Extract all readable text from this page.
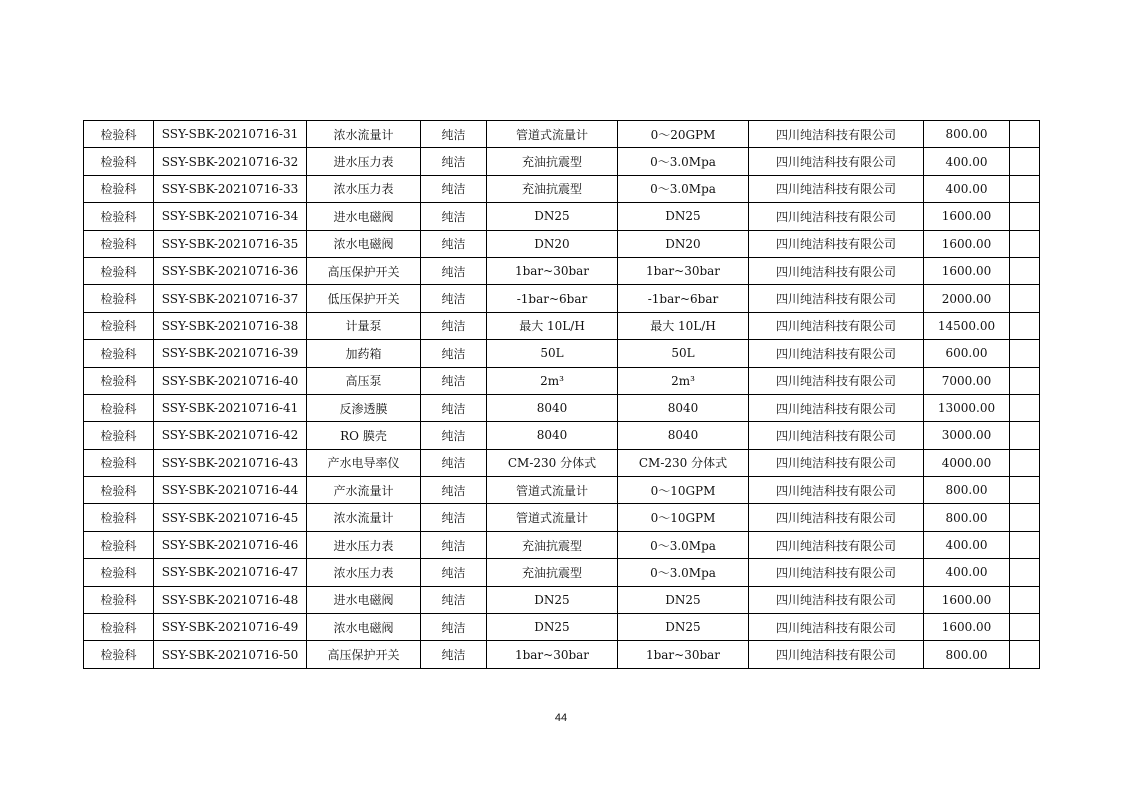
检验科	SSY-SBK-20210716-31	浓水流量计	纯洁	管道式流量计	0～20GPM	四川纯洁科技有限公司	800.00	
检验科	SSY-SBK-20210716-32	进水压力表	纯洁	充油抗震型	0～3.0Mpa	四川纯洁科技有限公司	400.00	
检验科	SSY-SBK-20210716-33	浓水压力表	纯洁	充油抗震型	0～3.0Mpa	四川纯洁科技有限公司	400.00	
检验科	SSY-SBK-20210716-34	进水电磁阀	纯洁	DN25	DN25	四川纯洁科技有限公司	1600.00	
检验科	SSY-SBK-20210716-35	浓水电磁阀	纯洁	DN20	DN20	四川纯洁科技有限公司	1600.00	
检验科	SSY-SBK-20210716-36	高压保护开关	纯洁	1bar~30bar	1bar~30bar	四川纯洁科技有限公司	1600.00	
检验科	SSY-SBK-20210716-37	低压保护开关	纯洁	-1bar~6bar	-1bar~6bar	四川纯洁科技有限公司	2000.00	
检验科	SSY-SBK-20210716-38	计量泵	纯洁	最大 10L/H	最大 10L/H	四川纯洁科技有限公司	14500.00	
检验科	SSY-SBK-20210716-39	加药箱	纯洁	50L	50L	四川纯洁科技有限公司	600.00	
检验科	SSY-SBK-20210716-40	高压泵	纯洁	2m³	2m³	四川纯洁科技有限公司	7000.00	
检验科	SSY-SBK-20210716-41	反渗透膜	纯洁	8040	8040	四川纯洁科技有限公司	13000.00	
检验科	SSY-SBK-20210716-42	RO 膜壳	纯洁	8040	8040	四川纯洁科技有限公司	3000.00	
检验科	SSY-SBK-20210716-43	产水电导率仪	纯洁	CM-230 分体式	CM-230 分体式	四川纯洁科技有限公司	4000.00	
检验科	SSY-SBK-20210716-44	产水流量计	纯洁	管道式流量计	0～10GPM	四川纯洁科技有限公司	800.00	
检验科	SSY-SBK-20210716-45	浓水流量计	纯洁	管道式流量计	0～10GPM	四川纯洁科技有限公司	800.00	
检验科	SSY-SBK-20210716-46	进水压力表	纯洁	充油抗震型	0～3.0Mpa	四川纯洁科技有限公司	400.00	
检验科	SSY-SBK-20210716-47	浓水压力表	纯洁	充油抗震型	0～3.0Mpa	四川纯洁科技有限公司	400.00	
检验科	SSY-SBK-20210716-48	进水电磁阀	纯洁	DN25	DN25	四川纯洁科技有限公司	1600.00	
检验科	SSY-SBK-20210716-49	浓水电磁阀	纯洁	DN25	DN25	四川纯洁科技有限公司	1600.00	
检验科	SSY-SBK-20210716-50	高压保护开关	纯洁	1bar~30bar	1bar~30bar	四川纯洁科技有限公司	800.00	
44
